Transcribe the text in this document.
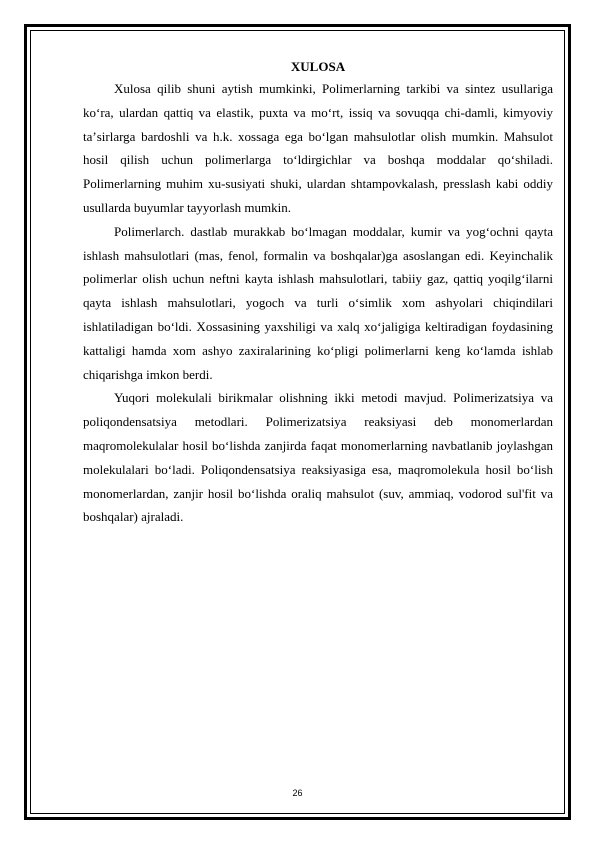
XULOSA

Xulosa qilib shuni aytish mumkinki, Polimerlarning tarkibi va sintez usullariga ko‘ra, ulardan qattiq va elastik, puxta va mo‘rt, issiq va sovuqqa chi-damli, kimyoviy taʼsirlarga bardoshli va h.k. xossaga ega bo‘lgan mahsulotlar olish mumkin. Mahsulot hosil qilish uchun polimerlarga to‘ldirgichlar va boshqa moddalar qo‘shiladi. Polimerlarning muhim xu-susiyati shuki, ulardan shtampovkalash, presslash kabi oddiy usullarda buyumlar tayyorlash mumkin.

Polimerlarch. dastlab murakkab bo‘lmagan moddalar, kumir va yog‘ochni qayta ishlash mahsulotlari (mas, fenol, formalin va boshqalar)ga asoslangan edi. Keyinchalik polimerlar olish uchun neftni kayta ishlash mahsulotlari, tabiiy gaz, qattiq yoqilg‘ilarni qayta ishlash mahsulotlari, yogoch va turli o‘simlik xom ashyolari chiqindilari ishlatiladigan bo‘ldi. Xossasining yaxshiligi va xalq xo‘jaligiga keltiradigan foydasining kattaligi hamda xom ashyo zaxiralarining ko‘pligi polimerlarni keng ko‘lamda ishlab chiqarishga imkon berdi.

Yuqori molekulali birikmalar olishning ikki metodi mavjud. Polimerizatsiya va poliqondensatsiya metodlari. Polimerizatsiya reaksiyasi deb monomerlardan maqromolekulalar hosil bo‘lishda zanjirda faqat monomerlarning navbatlanib joylashgan molekulalari bo‘ladi. Poliqondensatsiya reaksiyasiga esa, maqromolekula hosil bo‘lish monomerlardan, zanjir hosil bo‘lishda oraliq mahsulot (suv, ammiaq, vodorod sul'fit va boshqalar) ajraladi.

26
